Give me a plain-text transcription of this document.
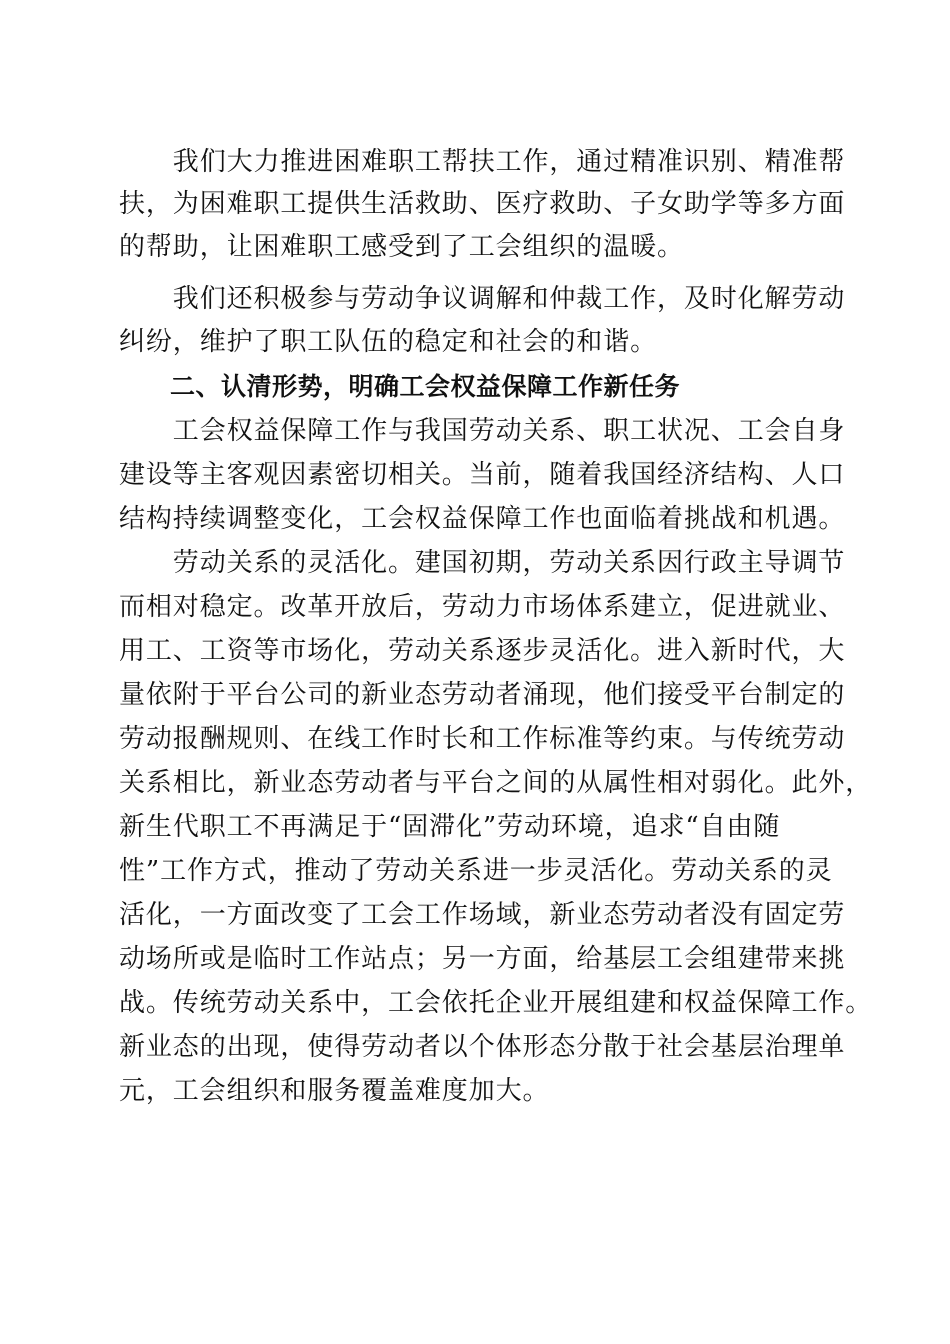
　　我们大力推进困难职工帮扶工作，通过精准识别、精准帮
扶，为困难职工提供生活救助、医疗救助、子女助学等多方面
的帮助，让困难职工感受到了工会组织的温暖。
　　我们还积极参与劳动争议调解和仲裁工作，及时化解劳动
纠纷，维护了职工队伍的稳定和社会的和谐。
　　二、认清形势，明确工会权益保障工作新任务
　　工会权益保障工作与我国劳动关系、职工状况、工会自身
建设等主客观因素密切相关。当前，随着我国经济结构、人口
结构持续调整变化，工会权益保障工作也面临着挑战和机遇。
　　劳动关系的灵活化。建国初期，劳动关系因行政主导调节
而相对稳定。改革开放后，劳动力市场体系建立，促进就业、
用工、工资等市场化，劳动关系逐步灵活化。进入新时代，大
量依附于平台公司的新业态劳动者涌现，他们接受平台制定的
劳动报酬规则、在线工作时长和工作标准等约束。与传统劳动
关系相比，新业态劳动者与平台之间的从属性相对弱化。此外，
新生代职工不再满足于“固滞化”劳动环境，追求“自由随
性”工作方式，推动了劳动关系进一步灵活化。劳动关系的灵
活化，一方面改变了工会工作场域，新业态劳动者没有固定劳
动场所或是临时工作站点；另一方面，给基层工会组建带来挑
战。传统劳动关系中，工会依托企业开展组建和权益保障工作。
新业态的出现，使得劳动者以个体形态分散于社会基层治理单
元，工会组织和服务覆盖难度加大。
